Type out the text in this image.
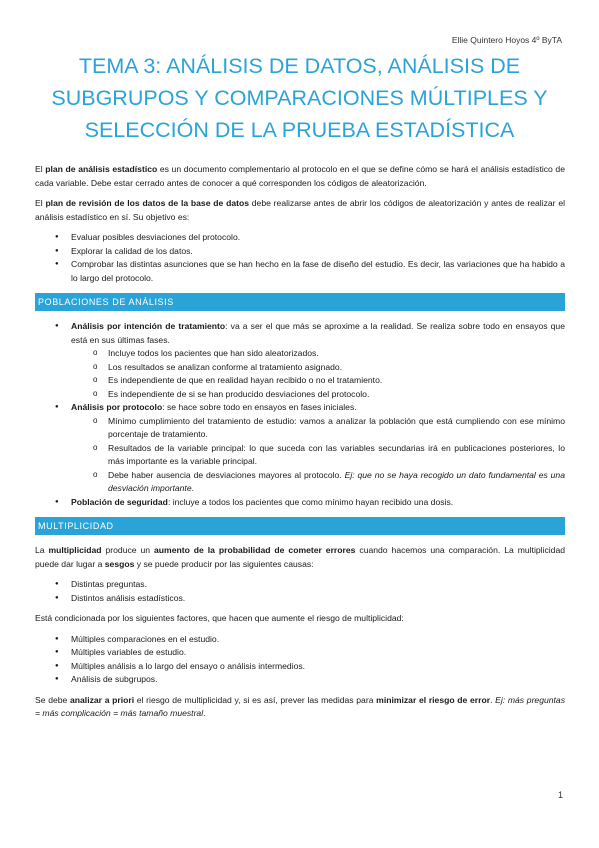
Ellie Quintero Hoyos 4º ByTA
TEMA 3: ANÁLISIS DE DATOS, ANÁLISIS DE SUBGRUPOS Y COMPARACIONES MÚLTIPLES Y SELECCIÓN DE LA PRUEBA ESTADÍSTICA

El plan de análisis estadístico es un documento complementario al protocolo en el que se define cómo se hará el análisis estadístico de cada variable. Debe estar cerrado antes de conocer a qué corresponden los códigos de aleatorización.

El plan de revisión de los datos de la base de datos debe realizarse antes de abrir los códigos de aleatorización y antes de realizar el análisis estadístico en sí. Su objetivo es:

● Evaluar posibles desviaciones del protocolo.
● Explorar la calidad de los datos.
● Comprobar las distintas asunciones que se han hecho en la fase de diseño del estudio. Es decir, las variaciones que ha habido a lo largo del protocolo.
POBLACIONES DE ANÁLISIS
● Análisis por intención de tratamiento: va a ser el que más se aproxime a la realidad. Se realiza sobre todo en ensayos que está en sus últimas fases.
o Incluye todos los pacientes que han sido aleatorizados.
o Los resultados se analizan conforme al tratamiento asignado.
o Es independiente de que en realidad hayan recibido o no el tratamiento.
o Es independiente de si se han producido desviaciones del protocolo.
● Análisis por protocolo: se hace sobre todo en ensayos en fases iniciales.
o Mínimo cumplimiento del tratamiento de estudio: vamos a analizar la población que está cumpliendo con ese mínimo porcentaje de tratamiento.
o Resultados de la variable principal: lo que suceda con las variables secundarias irá en publicaciones posteriores, lo más importante es la variable principal.
o Debe haber ausencia de desviaciones mayores al protocolo. Ej: que no se haya recogido un dato fundamental es una desviación importante.
● Población de seguridad: incluye a todos los pacientes que como mínimo hayan recibido una dosis.
MULTIPLICIDAD

La multiplicidad produce un aumento de la probabilidad de cometer errores cuando hacemos una comparación. La multiplicidad puede dar lugar a sesgos y se puede producir por las siguientes causas:

● Distintas preguntas.
● Distintos análisis estadísticos.

Está condicionada por los siguientes factores, que hacen que aumente el riesgo de multiplicidad:

● Múltiples comparaciones en el estudio.
● Múltiples variables de estudio.
● Múltiples análisis a lo largo del ensayo o análisis intermedios.
● Análisis de subgrupos.

Se debe analizar a priori el riesgo de multiplicidad y, si es así, prever las medidas para minimizar el riesgo de error. Ej: más preguntas = más complicación = más tamaño muestral.

1
